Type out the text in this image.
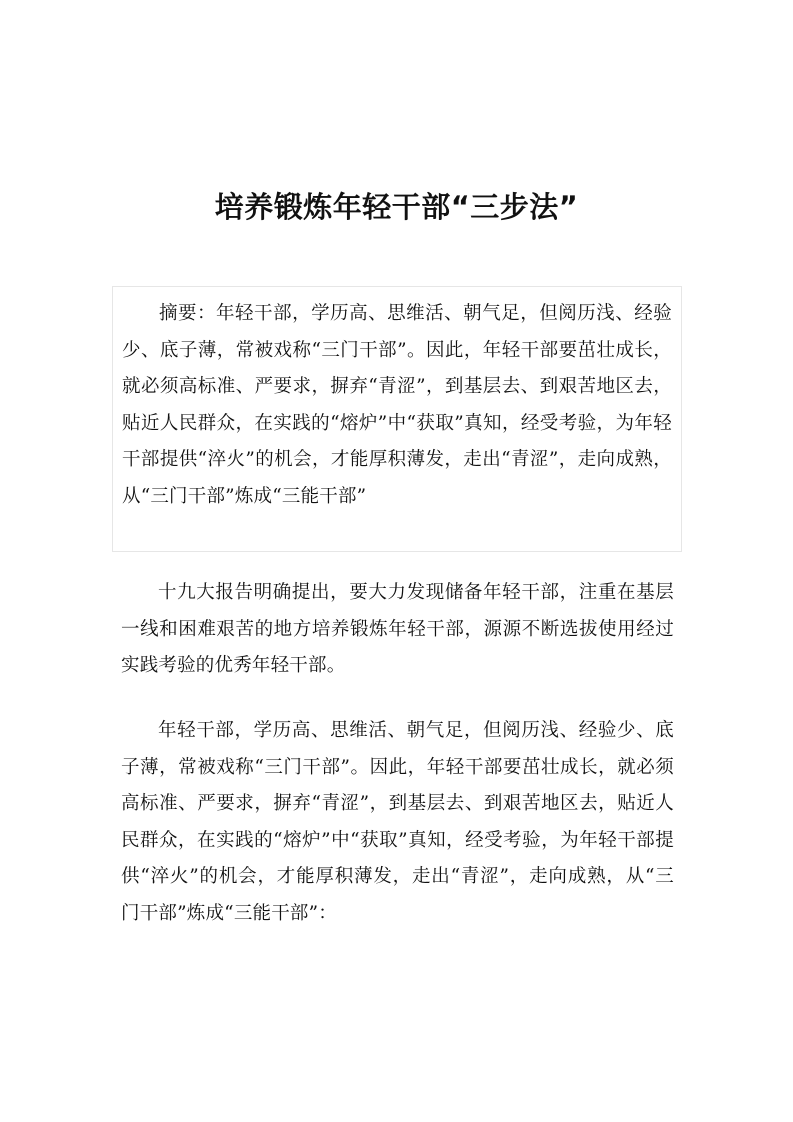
培养锻炼年轻干部“三步法”

摘要：年轻干部，学历高、思维活、朝气足，但阅历浅、经验少、底子薄，常被戏称“三门干部”。因此，年轻干部要茁壮成长，就必须高标准、严要求，摒弃“青涩”，到基层去、到艰苦地区去，贴近人民群众，在实践的“熔炉”中“获取”真知，经受考验，为年轻干部提供“淬火”的机会，才能厚积薄发，走出“青涩”，走向成熟，从“三门干部”炼成“三能干部”

十九大报告明确提出，要大力发现储备年轻干部，注重在基层一线和困难艰苦的地方培养锻炼年轻干部，源源不断选拔使用经过实践考验的优秀年轻干部。

年轻干部，学历高、思维活、朝气足，但阅历浅、经验少、底子薄，常被戏称“三门干部”。因此，年轻干部要茁壮成长，就必须高标准、严要求，摒弃“青涩”，到基层去、到艰苦地区去，贴近人民群众，在实践的“熔炉”中“获取”真知，经受考验，为年轻干部提供“淬火”的机会，才能厚积薄发，走出“青涩”，走向成熟，从“三门干部”炼成“三能干部”：
